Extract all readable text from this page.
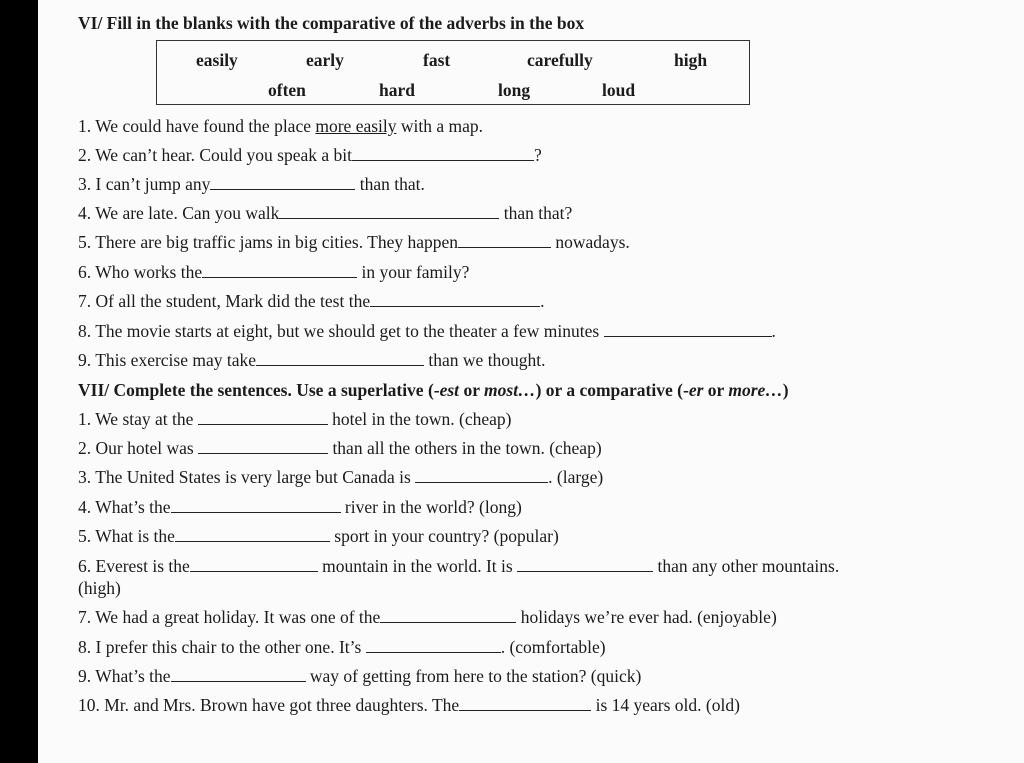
VI/ Fill in the blanks with the comparative of the adverbs in the box
easily	early	fast	carefully	high
often	hard	long	loud
1. We could have found the place more easily with a map.
2. We can’t hear. Could you speak a bit	?
3. I can’t jump any	than that.
4. We are late. Can you walk	than that?
5. There are big traffic jams in big cities. They happen	nowadays.
6. Who works the	in your family?
7. Of all the student, Mark did the test the	.
8. The movie starts at eight, but we should get to the theater a few minutes	.
9. This exercise may take	than we thought.
VII/ Complete the sentences. Use a superlative (-est or most…) or a comparative (-er or more…)
1. We stay at the	hotel in the town. (cheap)
2. Our hotel was	than all the others in the town. (cheap)
3. The United States is very large but Canada is	. (large)
4. What’s the	river in the world? (long)
5. What is the	sport in your country? (popular)
6. Everest is the	mountain in the world. It is	than any other mountains.
(high)
7. We had a great holiday. It was one of the	holidays we’re ever had. (enjoyable)
8. I prefer this chair to the other one. It’s	. (comfortable)
9. What’s the	way of getting from here to the station? (quick)
10. Mr. and Mrs. Brown have got three daughters. The	is 14 years old. (old)
